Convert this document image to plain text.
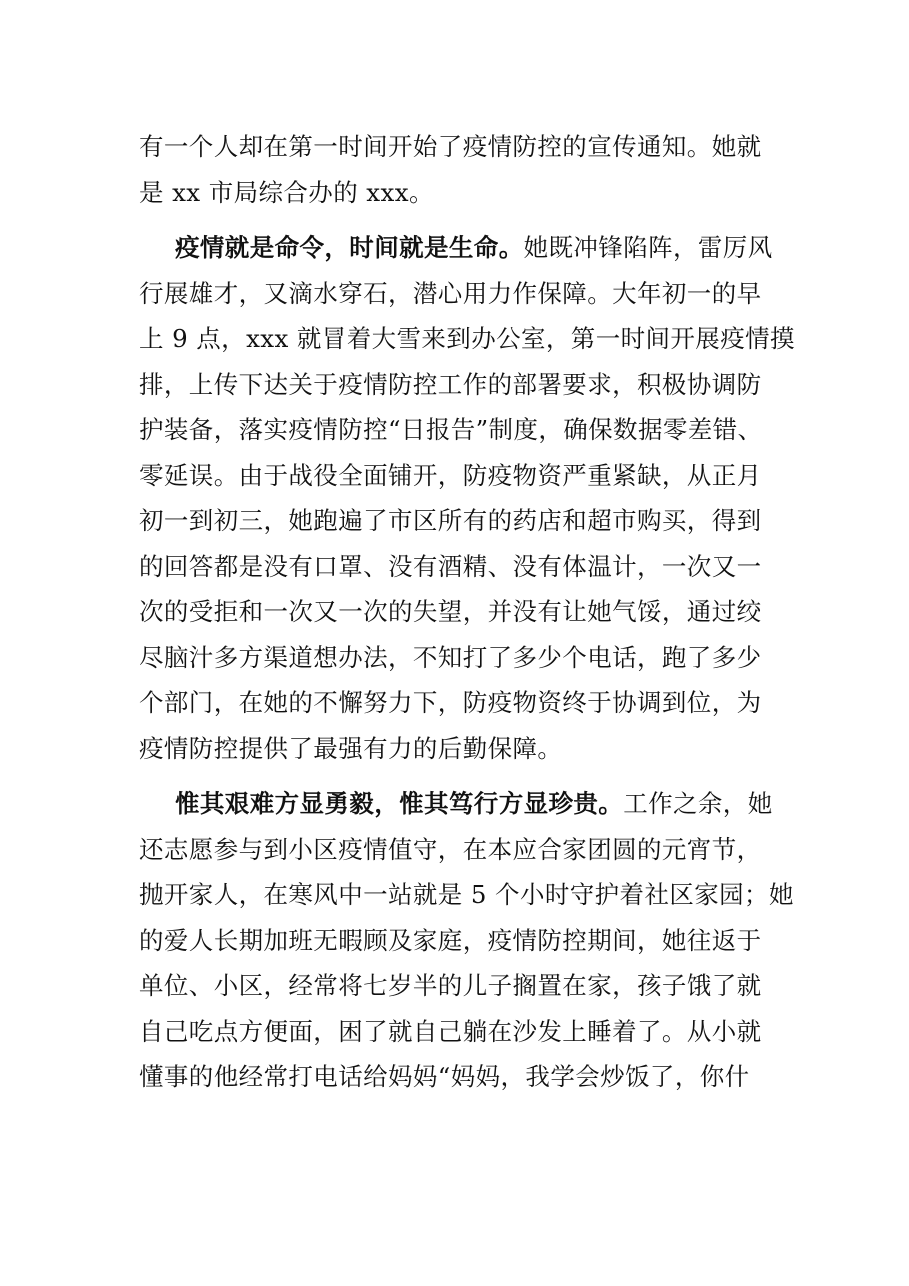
有一个人却在第一时间开始了疫情防控的宣传通知。她就
是 xx 市局综合办的 xxx。
疫情就是命令，时间就是生命。她既冲锋陷阵，雷厉风
行展雄才，又滴水穿石，潜心用力作保障。大年初一的早
上 9 点，xxx 就冒着大雪来到办公室，第一时间开展疫情摸
排，上传下达关于疫情防控工作的部署要求，积极协调防
护装备，落实疫情防控“日报告”制度，确保数据零差错、
零延误。由于战役全面铺开，防疫物资严重紧缺，从正月
初一到初三，她跑遍了市区所有的药店和超市购买，得到
的回答都是没有口罩、没有酒精、没有体温计，一次又一
次的受拒和一次又一次的失望，并没有让她气馁，通过绞
尽脑汁多方渠道想办法，不知打了多少个电话，跑了多少
个部门，在她的不懈努力下，防疫物资终于协调到位，为
疫情防控提供了最强有力的后勤保障。
惟其艰难方显勇毅，惟其笃行方显珍贵。工作之余，她
还志愿参与到小区疫情值守，在本应合家团圆的元宵节，
抛开家人，在寒风中一站就是 5 个小时守护着社区家园；她
的爱人长期加班无暇顾及家庭，疫情防控期间，她往返于
单位、小区，经常将七岁半的儿子搁置在家，孩子饿了就
自己吃点方便面，困了就自己躺在沙发上睡着了。从小就
懂事的他经常打电话给妈妈“妈妈，我学会炒饭了，你什
